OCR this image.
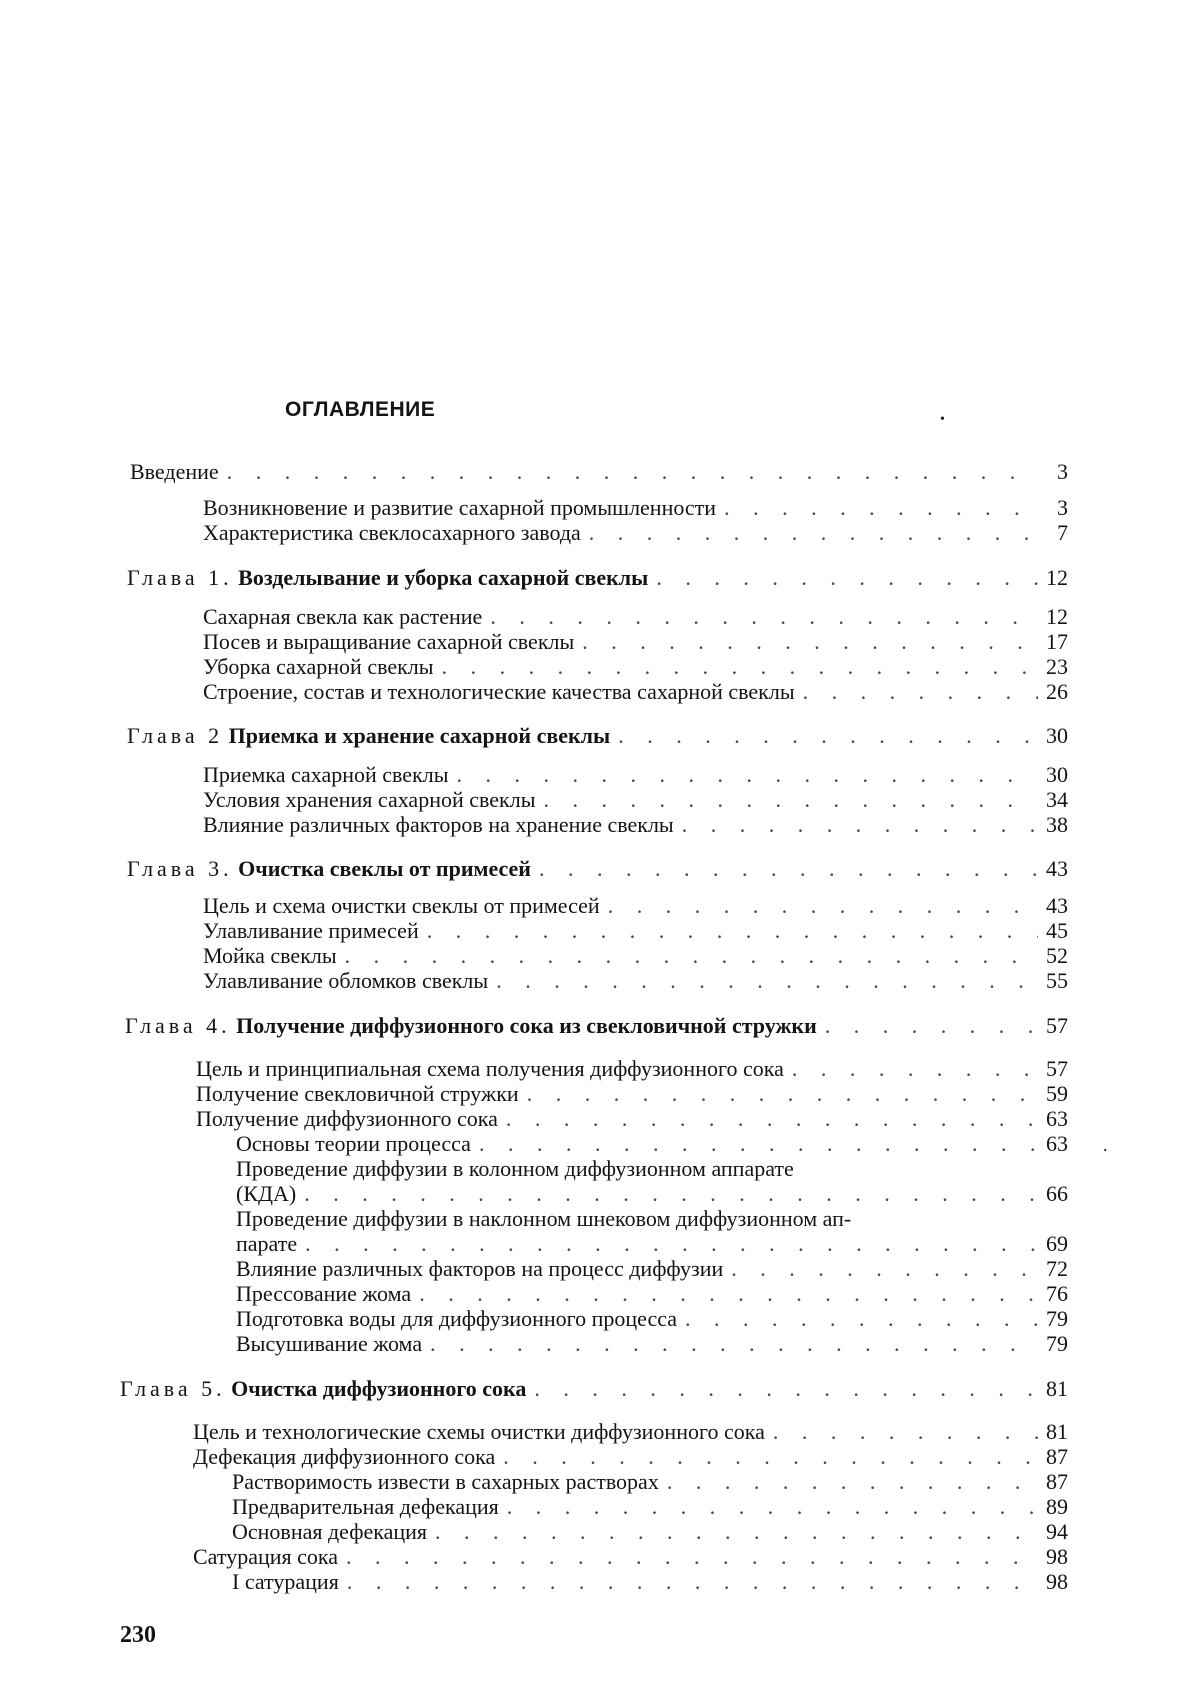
ОГЛАВЛЕНИЕ	•
.
Введение . . .	3
Возникновение и развитие сахарной промышленности . . .	3
Характеристика свеклосахарного завода . . .	7
Глава 1. Возделывание и уборка сахарной свеклы . . .	12
Сахарная свекла как растение . . .	12
Посев и выращивание сахарной свеклы . . .	17
Уборка сахарной свеклы . . .	23
Строение, состав и технологические качества сахарной свеклы . . .	26
Глава 2 Приемка и хранение сахарной свеклы . . .	30
Приемка сахарной свеклы . . .	30
Условия хранения сахарной свеклы . . .	34
Влияние различных факторов на хранение свеклы . . .	38
Глава 3. Очистка свеклы от примесей . . .	43
Цель и схема очистки свеклы от примесей . . .	43
Улавливание примесей . . .	45
Мойка свеклы . . .	52
Улавливание обломков свеклы . . .	55
Глава 4. Получение диффузионного сока из свекловичной стружки . . .	57
Цель и принципиальная схема получения диффузионного сока . . .	57
Получение свекловичной стружки . . .	59
Получение диффузионного сока . . .	63
Основы теории процесса . . .	63
Проведение диффузии в колонном диффузионном аппарате
(КДА) . . .	66
Проведение диффузии в наклонном шнековом диффузионном ап-
парате . . .	69
Влияние различных факторов на процесс диффузии . . .	72
Прессование жома . . .	76
Подготовка воды для диффузионного процесса . . .	79
Высушивание жома . . .	79
Глава 5. Очистка диффузионного сока . . .	81
Цель и технологические схемы очистки диффузионного сока . . .	81
Дефекация диффузионного сока . . .	87
Растворимость извести в сахарных растворах . . .	87
Предварительная дефекация . . .	89
Основная дефекация . . .	94
Сатурация сока . . .	98
I сатурация . . .	98

230
